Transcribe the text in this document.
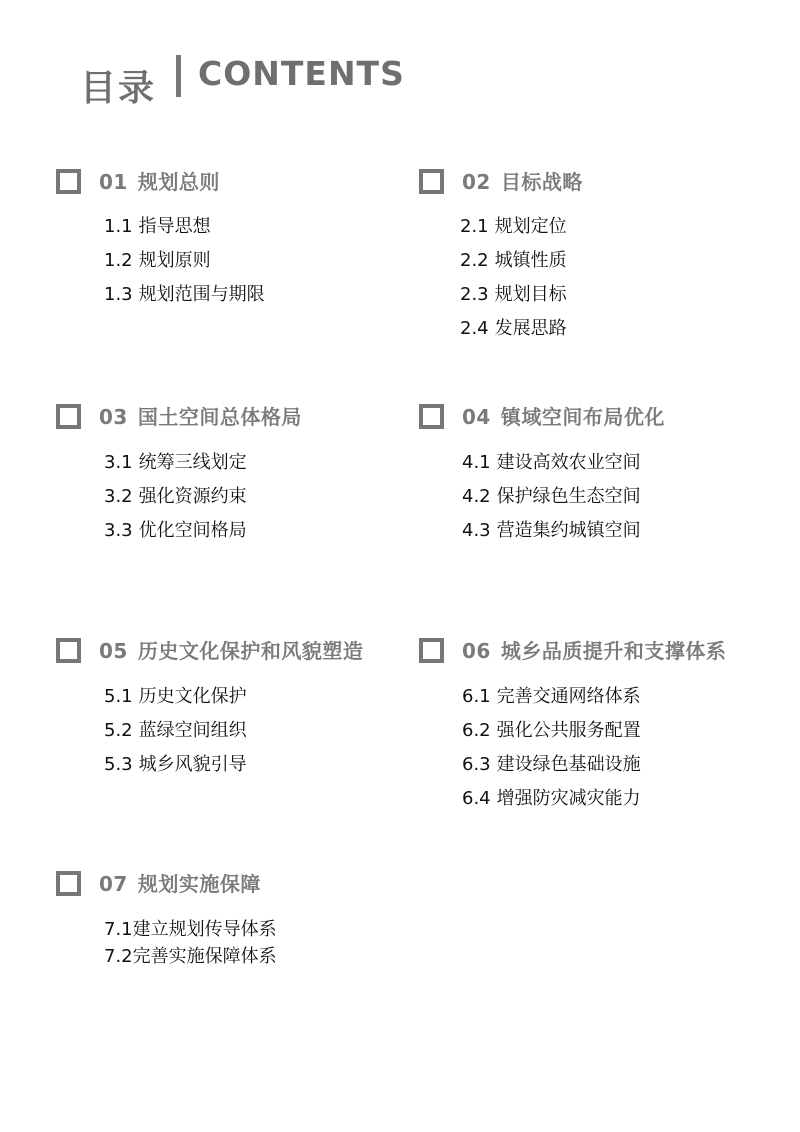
目录 CONTENTS
01 规划总则
1.1 指导思想
1.2 规划原则
1.3 规划范围与期限
02 目标战略
2.1 规划定位
2.2 城镇性质
2.3 规划目标
2.4 发展思路
03 国土空间总体格局
3.1 统筹三线划定
3.2 强化资源约束
3.3 优化空间格局
04 镇域空间布局优化
4.1 建设高效农业空间
4.2 保护绿色生态空间
4.3 营造集约城镇空间
05 历史文化保护和风貌塑造
5.1 历史文化保护
5.2 蓝绿空间组织
5.3 城乡风貌引导
06 城乡品质提升和支撑体系
6.1 完善交通网络体系
6.2 强化公共服务配置
6.3 建设绿色基础设施
6.4 增强防灾减灾能力
07 规划实施保障
7.1建立规划传导体系
7.2完善实施保障体系
